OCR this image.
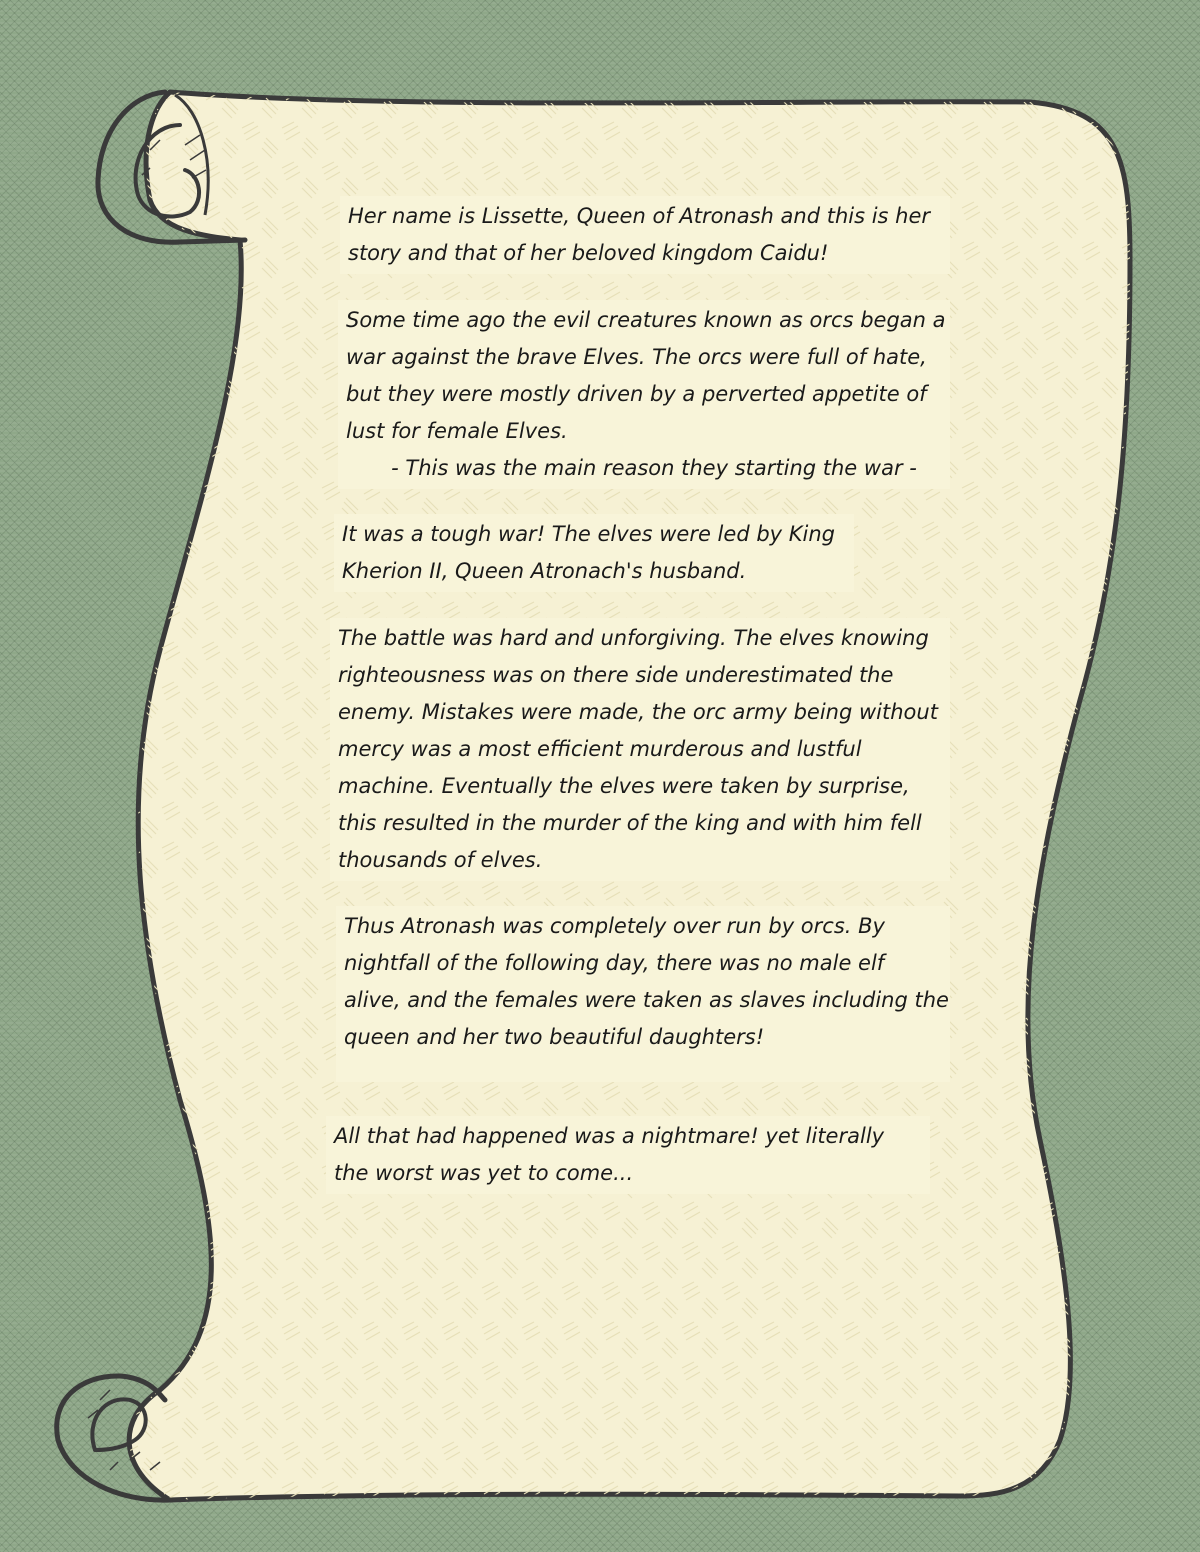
Her name is Lissette, Queen of Atronash and this is her
story and that of her beloved kingdom Caidu!
Some time ago the evil creatures known as orcs began a
war against the brave Elves. The orcs were full of hate,
but they were mostly driven by a perverted appetite of
lust for female Elves.
- This was the main reason they starting the war -
It was a tough war! The elves were led by King
Kherion II, Queen Atronach's husband.
The battle was hard and unforgiving. The elves knowing
righteousness was on there side underestimated the
enemy. Mistakes were made, the orc army being without
mercy was a most efficient murderous and lustful
machine. Eventually the elves were taken by surprise,
this resulted in the murder of the king and with him fell
thousands of elves.
Thus Atronash was completely over run by orcs. By
nightfall of the following day, there was no male elf
alive, and the females were taken as slaves including the
queen and her two beautiful daughters!
All that had happened was a nightmare! yet literally
the worst was yet to come...
